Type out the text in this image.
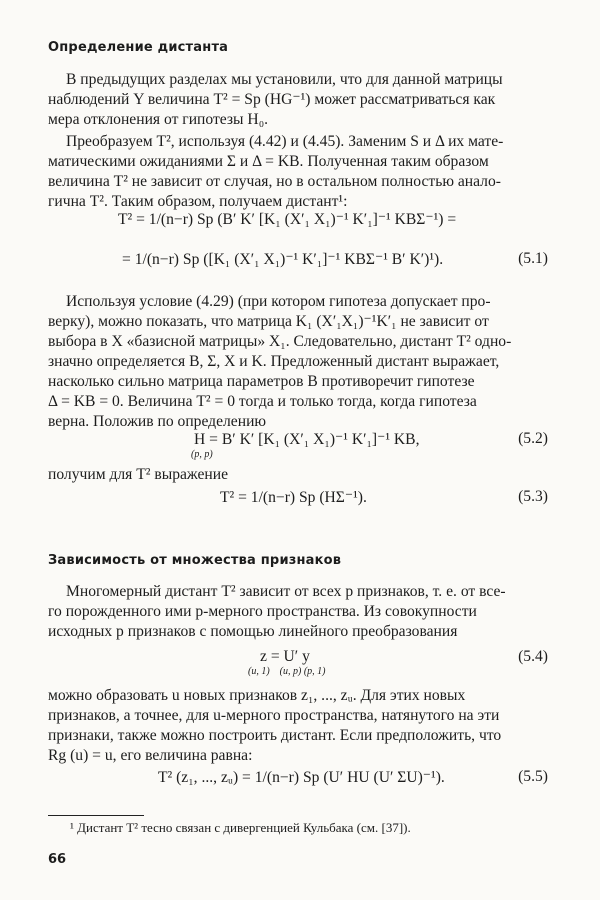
Определение дистанта
В предыдущих разделах мы установили, что для данной матрицы
наблюдений Y величина T² = Sp (HG⁻¹) может рассматриваться как
мера отклонения от гипотезы H₀.
Преобразуем T², используя (4.42) и (4.45). Заменим S и Δ их мате-
матическими ожиданиями Σ и Δ = KB. Полученная таким образом
величина T² не зависит от случая, но в остальном полностью анало-
гична T². Таким образом, получаем дистант¹:
T² = 1/(n−r) Sp (B′ K′ [K₁ (X′₁ X₁)⁻¹ K′₁]⁻¹ KBΣ⁻¹) =
= 1/(n−r) Sp ([K₁ (X′₁ X₁)⁻¹ K′₁]⁻¹ KBΣ⁻¹ B′ K′)¹).	(5.1)
Используя условие (4.29) (при котором гипотеза допускает про-
верку), можно показать, что матрица K₁ (X′₁X₁)⁻¹K′₁ не зависит от
выбора в X «базисной матрицы» X₁. Следовательно, дистант T² одно-
значно определяется B, Σ, X и K. Предложенный дистант выражает,
насколько сильно матрица параметров B противоречит гипотезе
Δ = KB = 0. Величина T² = 0 тогда и только тогда, когда гипотеза
верна. Положив по определению
H = B′ K′ [K₁ (X′₁ X₁)⁻¹ K′₁]⁻¹ KB,
(p, p)
(5.2)
получим для T² выражение
T² = 1/(n−r) Sp (HΣ⁻¹).	(5.3)
Зависимость от множества признаков
Многомерный дистант T² зависит от всех p признаков, т. е. от все-
го порожденного ими p-мерного пространства. Из совокупности
исходных p признаков с помощью линейного преобразования
z = U′ y
(u, 1)    (u, p) (p, 1)
(5.4)
можно образовать u новых признаков z₁, ..., zᵤ. Для этих новых
признаков, а точнее, для u-мерного пространства, натянутого на эти
признаки, также можно построить дистант. Если предположить, что
Rg (u) = u, его величина равна:
T² (z₁, ..., zᵤ) = 1/(n−r) Sp (U′ HU (U′ ΣU)⁻¹).	(5.5)
¹ Дистант T² тесно связан с дивергенцией Кульбака (см. [37]).
66
